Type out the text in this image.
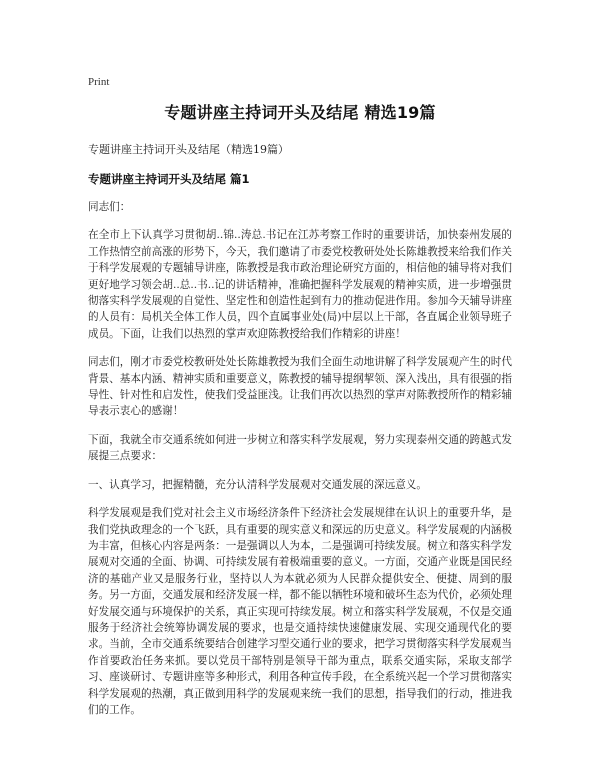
Print
专题讲座主持词开头及结尾 精选19篇

专题讲座主持词开头及结尾（精选19篇）

专题讲座主持词开头及结尾 篇1

同志们：

在全市上下认真学习贯彻胡..锦..涛总.书记在江苏考察工作时的重要讲话，加快泰州发展的工作热情空前高涨的形势下，今天，我们邀请了市委党校教研处处长陈雄教授来给我们作关于科学发展观的专题辅导讲座，陈教授是我市政治理论研究方面的，相信他的辅导将对我们更好地学习领会胡..总..书..记的讲话精神，准确把握科学发展观的精神实质，进一步增强贯彻落实科学发展观的自觉性、坚定性和创造性起到有力的推动促进作用。参加今天辅导讲座的人员有：局机关全体工作人员，四个直属事业处(局)中层以上干部，各直属企业领导班子成员。下面，让我们以热烈的掌声欢迎陈教授给我们作精彩的讲座！

同志们，刚才市委党校教研处处长陈雄教授为我们全面生动地讲解了科学发展观产生的时代背景、基本内涵、精神实质和重要意义，陈教授的辅导提纲挈领、深入浅出，具有很强的指导性、针对性和启发性，使我们受益匪浅。让我们再次以热烈的掌声对陈教授所作的精彩辅导表示衷心的感谢！

下面，我就全市交通系统如何进一步树立和落实科学发展观，努力实现泰州交通的跨越式发展提三点要求：

一、认真学习，把握精髓，充分认清科学发展观对交通发展的深远意义。

科学发展观是我们党对社会主义市场经济条件下经济社会发展规律在认识上的重要升华，是我们党执政理念的一个飞跃，具有重要的现实意义和深远的历史意义。科学发展观的内涵极为丰富，但核心内容是两条：一是强调以人为本，二是强调可持续发展。树立和落实科学发展观对交通的全面、协调、可持续发展有着极端重要的意义。一方面，交通产业既是国民经济的基础产业又是服务行业，坚持以人为本就必须为人民群众提供安全、便捷、周到的服务。另一方面，交通发展和经济发展一样，都不能以牺牲环境和破坏生态为代价，必须处理好发展交通与环境保护的关系，真正实现可持续发展。树立和落实科学发展观，不仅是交通服务于经济社会统筹协调发展的要求，也是交通持续快速健康发展、实现交通现代化的要求。当前，全市交通系统要结合创建学习型交通行业的要求，把学习贯彻落实科学发展观当作首要政治任务来抓。要以党员干部特别是领导干部为重点，联系交通实际，采取支部学习、座谈研讨、专题讲座等多种形式，利用各种宣传手段，在全系统兴起一个学习贯彻落实科学发展观的热潮，真正做到用科学的发展观来统一我们的思想，指导我们的行动，推进我们的工作。
